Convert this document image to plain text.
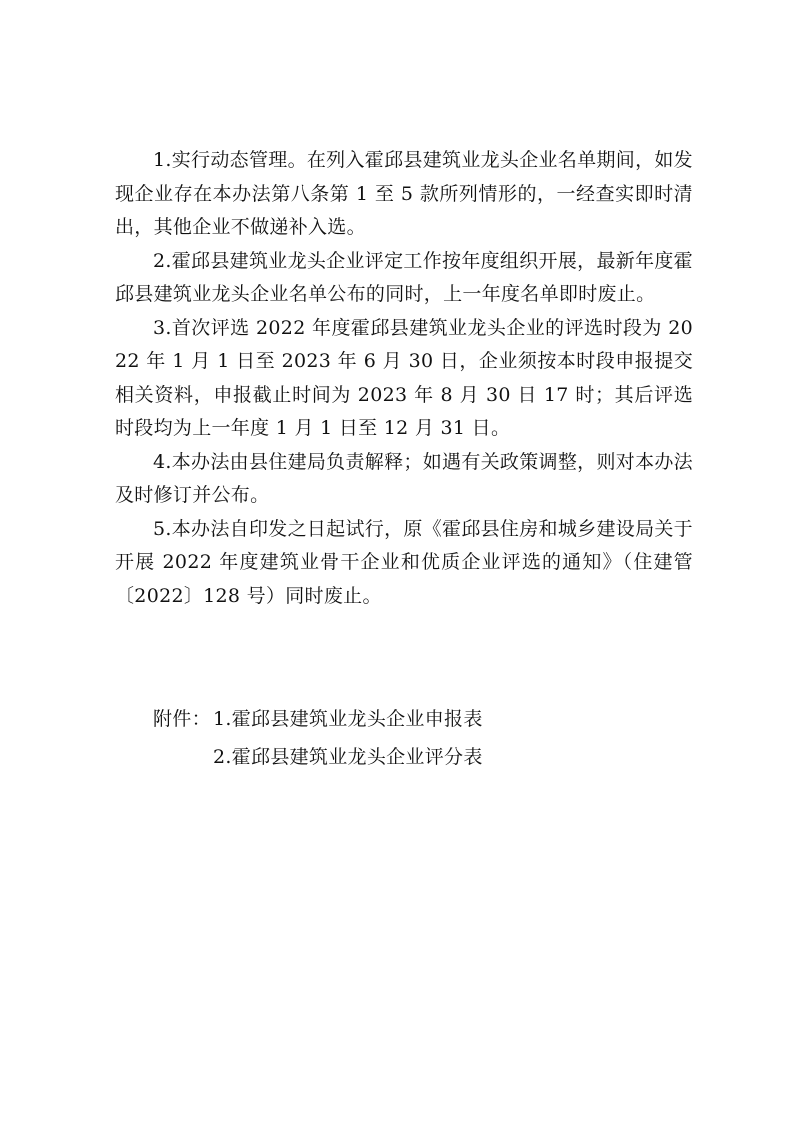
1.实行动态管理。在列入霍邱县建筑业龙头企业名单期间，如发现企业存在本办法第八条第 1 至 5 款所列情形的，一经查实即时清出，其他企业不做递补入选。

2.霍邱县建筑业龙头企业评定工作按年度组织开展，最新年度霍邱县建筑业龙头企业名单公布的同时，上一年度名单即时废止。

3.首次评选 2022 年度霍邱县建筑业龙头企业的评选时段为 2022 年 1 月 1 日至 2023 年 6 月 30 日，企业须按本时段申报提交相关资料，申报截止时间为 2023 年 8 月 30 日 17 时；其后评选时段均为上一年度 1 月 1 日至 12 月 31 日。

4.本办法由县住建局负责解释；如遇有关政策调整，则对本办法及时修订并公布。

5.本办法自印发之日起试行，原《霍邱县住房和城乡建设局关于开展 2022 年度建筑业骨干企业和优质企业评选的通知》（住建管〔2022〕128 号）同时废止。

附件： 1.霍邱县建筑业龙头企业申报表
2.霍邱县建筑业龙头企业评分表
